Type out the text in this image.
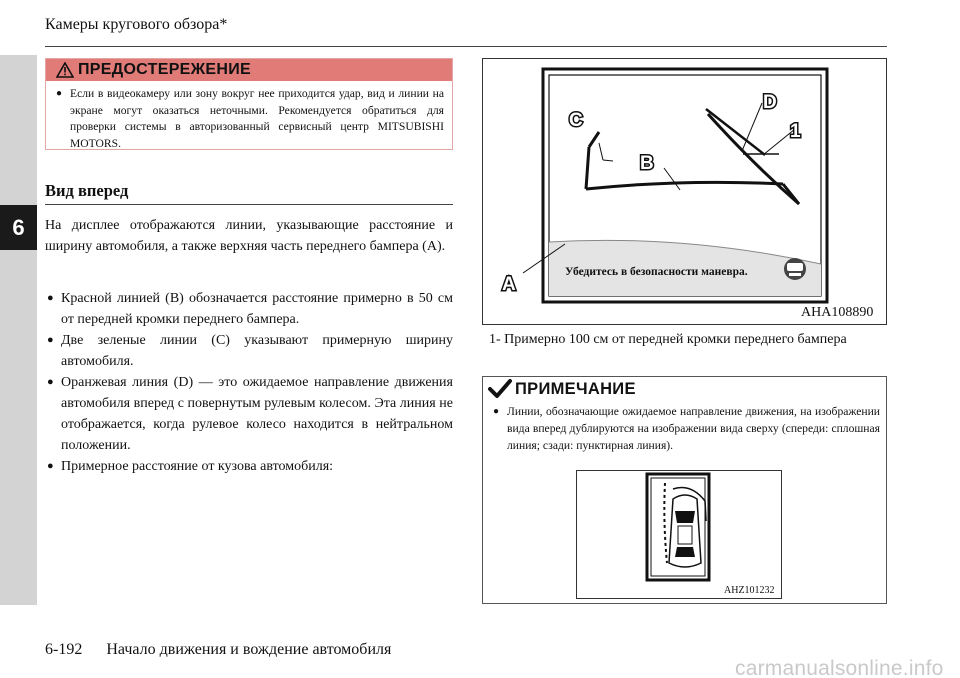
6
Камеры кругового обзора*
ПРЕДОСТЕРЕЖЕНИЕ
● Если в видеокамеру или зону вокруг нее приходится удар, вид и линии на экране могут оказаться неточными. Рекомендуется обратиться для проверки системы в авторизованный сервисный центр MITSUBISHI MOTORS.
Вид вперед

На дисплее отображаются линии, указывающие расстояние и ширину автомобиля, а также верхняя часть переднего бампера (A).

● Красной линией (B) обозначается расстояние примерно в 50 см от передней кромки переднего бампера.
● Две зеленые линии (C) указывают примерную ширину автомобиля.
● Оранжевая линия (D) — это ожидаемое направление движения автомобиля вперед с повернутым рулевым колесом. Эта линия не отображается, когда рулевое колесо находится в нейтральном положении.
● Примерное расстояние от кузова автомобиля:
C
B
D
1
A
Убедитесь в безопасности маневра.
AHA108890
1- Примерно 100 см от передней кромки переднего бампера
ПРИМЕЧАНИЕ
● Линии, обозначающие ожидаемое направление движения, на изображении вида вперед дублируются на изображении вида сверху (спереди: сплошная линия; сзади: пунктирная линия).
AHZ101232
6-192 Начало движения и вождение автомобиля
carmanualsonline.info
